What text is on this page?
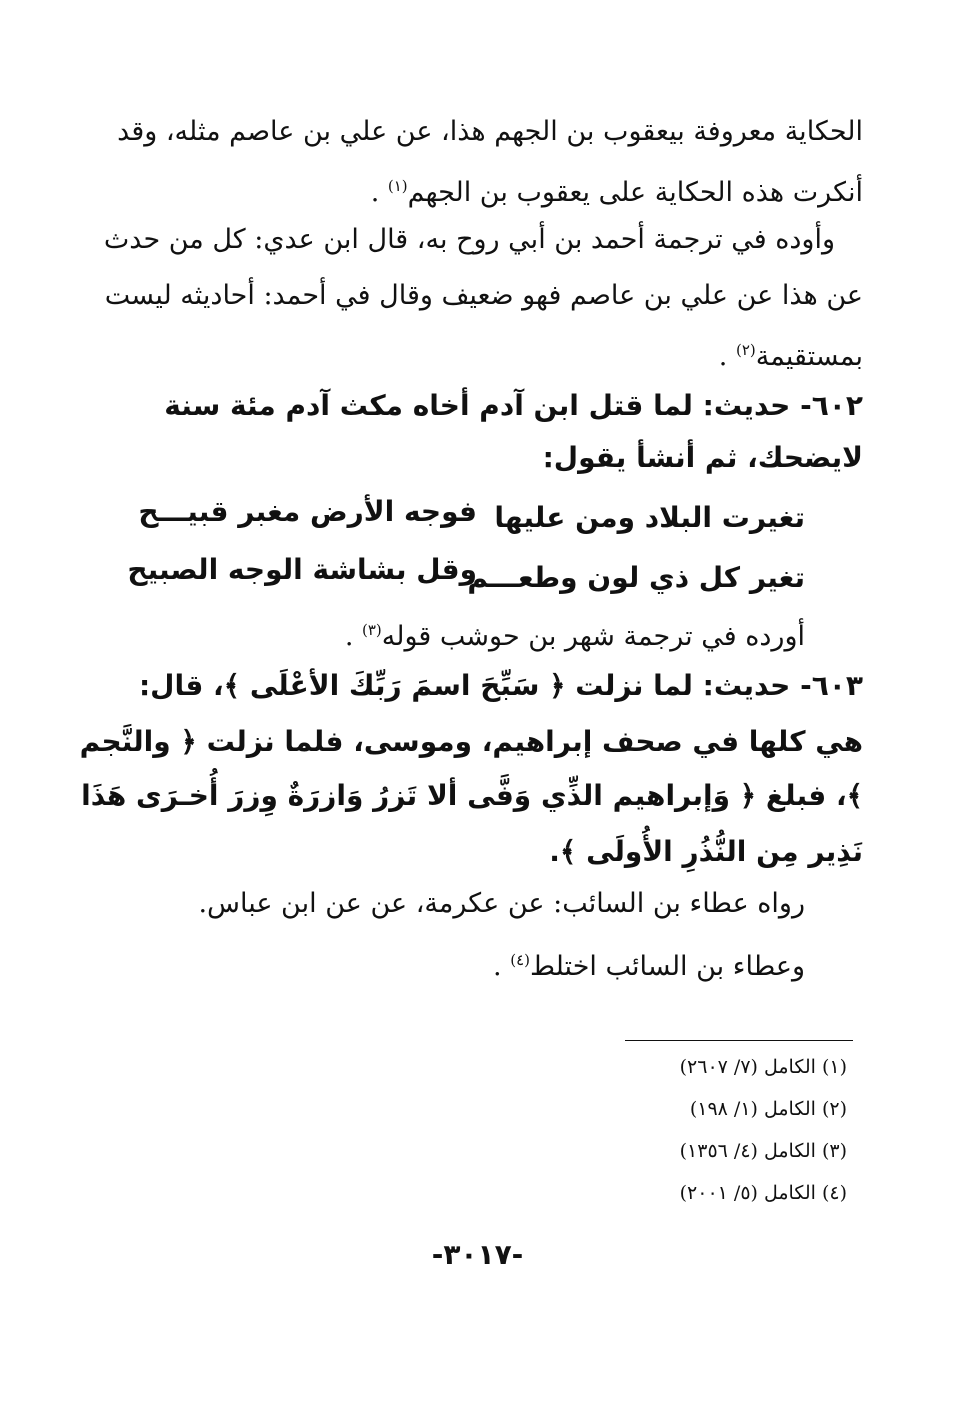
الحكاية معروفة بيعقوب بن الجهم هذا، عن علي بن عاصم مثله، وقد
أنكرت هذه الحكاية على يعقوب بن الجهم$^{(١)}$ .
وأوده في ترجمة أحمد بن أبي روح به، قال ابن عدي: كل من حدث
عن هذا عن علي بن عاصم فهو ضعيف وقال في أحمد: أحاديثه ليست
بمستقيمة$^{(٢)}$ .
٦٠٢- حديث: لما قتل ابن آدم أخاه مكث آدم مئة سنة
لايضحك، ثم أنشأ يقول:
تغيرت البلاد ومن عليها
فوجه الأرض مغبر قبيـــح
تغير كل ذي لون وطعـــم
وقل بشاشة الوجه الصبيح
أورده في ترجمة شهر بن حوشب قوله$^{(٣)}$ .
٦٠٣- حديث: لما نزلت ﴿ سَبِّحَ اسمَ رَبِّكَ الأعْلَى ﴾، قال:
هي كلها في صحف إبراهيم، وموسى، فلما نزلت ﴿ والنَّجم
﴾، فبلغ ﴿ وَإبراهيم الذِّي وَفَّى ألا تَزرُ وَازرَةٌ وِزرَ أُخـرَى هَذَا
نَذِير مِن النُّذُرِ الأُولَى ﴾.
رواه عطاء بن السائب: عن عكرمة، عن عن ابن عباس.
وعطاء بن السائب اختلط$^{(٤)}$ .
(١) الكامل (٧/ ٢٦٠٧)
(٢) الكامل (١/ ١٩٨)
(٣) الكامل (٤/ ١٣٥٦)
(٤) الكامل (٥/ ٢٠٠١)
-٣٠١٧-
